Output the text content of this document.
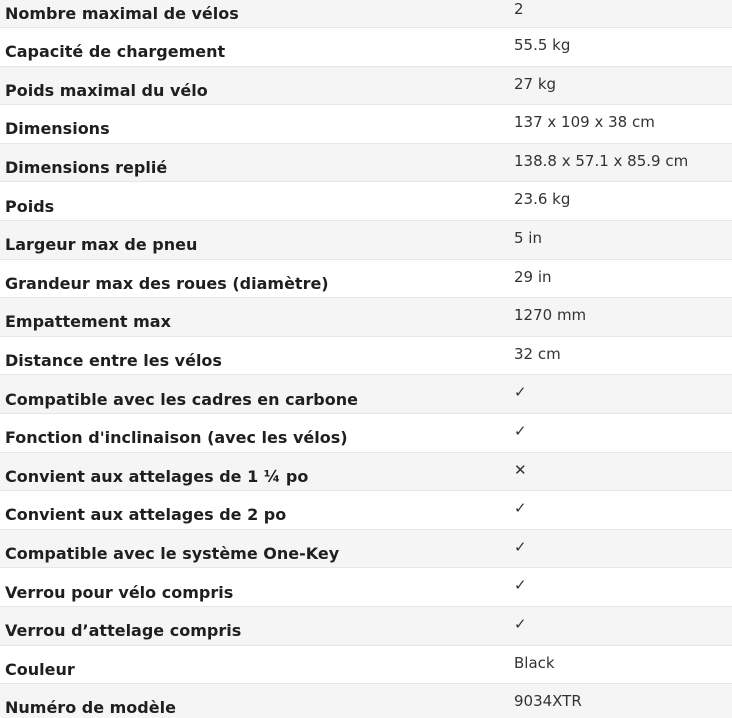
Nombre maximal de vélos	2
Capacité de chargement	55.5 kg
Poids maximal du vélo	27 kg
Dimensions	137 x 109 x 38 cm
Dimensions replié	138.8 x 57.1 x 85.9 cm
Poids	23.6 kg
Largeur max de pneu	5 in
Grandeur max des roues (diamètre)	29 in
Empattement max	1270 mm
Distance entre les vélos	32 cm
Compatible avec les cadres en carbone	✓
Fonction d'inclinaison (avec les vélos)	✓
Convient aux attelages de 1 ¼ po	✕
Convient aux attelages de 2 po	✓
Compatible avec le système One-Key	✓
Verrou pour vélo compris	✓
Verrou d’attelage compris	✓
Couleur	Black
Numéro de modèle	9034XTR
